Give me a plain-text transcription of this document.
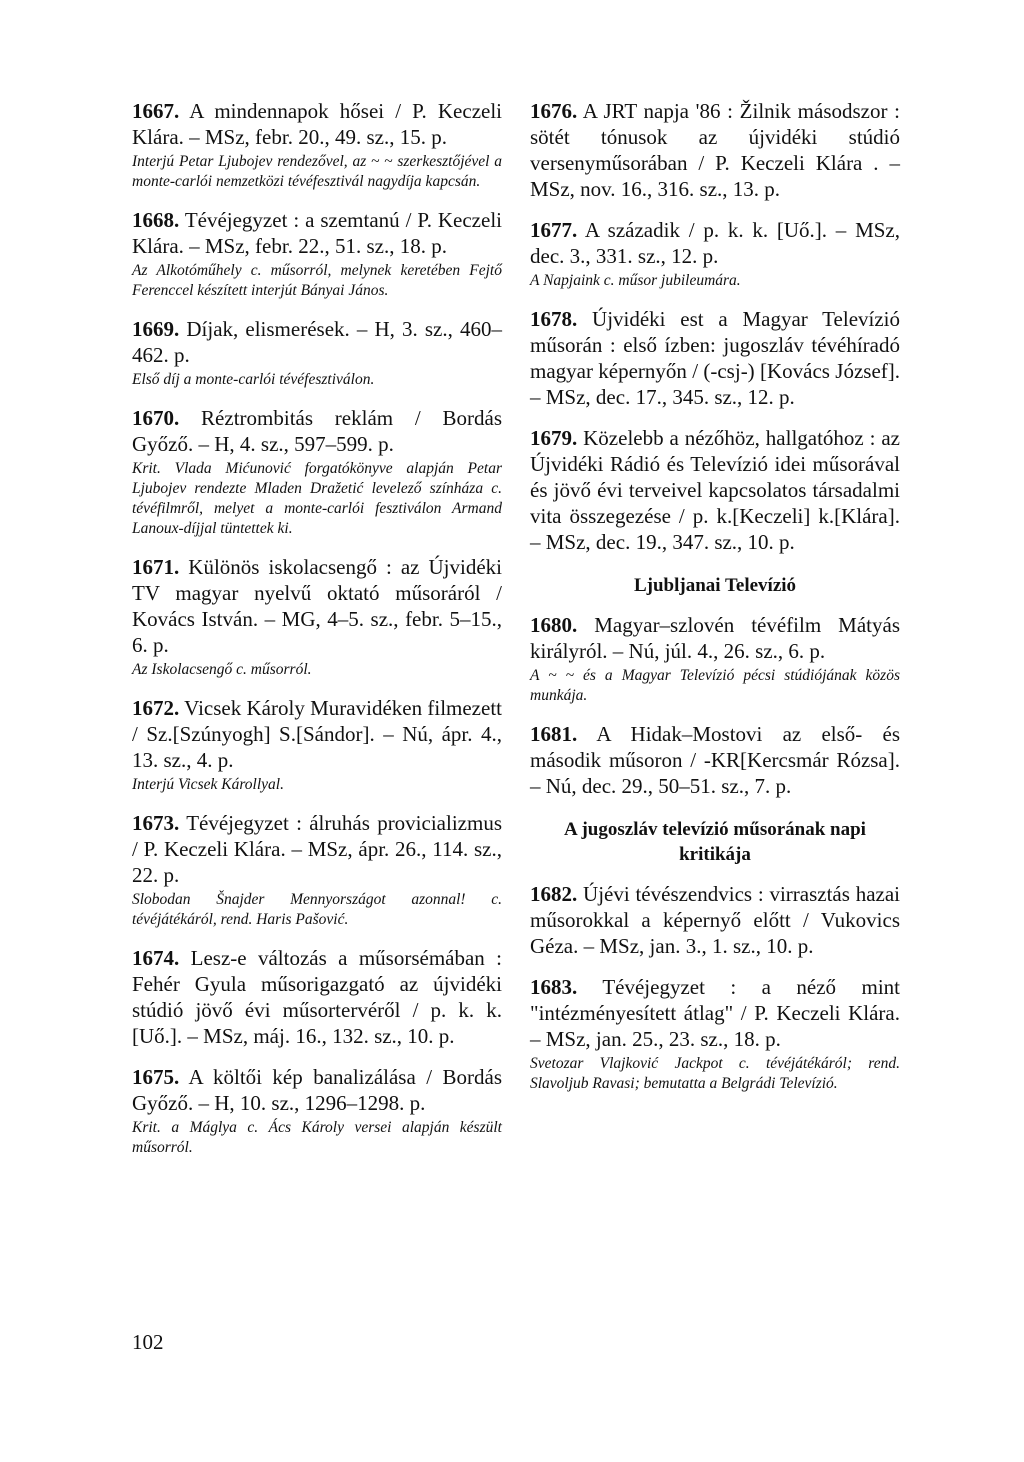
1667. A mindennapok hősei / P. Keczeli Klára. – MSz, febr. 20., 49. sz., 15. p.
Interjú Petar Ljubojev rendezővel, az ~ ~ szerkesztőjével a monte-carlói nemzetközi tévéfesztivál nagydíja kapcsán.
1668. Tévéjegyzet : a szemtanú / P. Keczeli Klára. – MSz, febr. 22., 51. sz., 18. p.
Az Alkotóműhely c. műsorról, melynek keretében Fejtő Ferenccel készített interjút Bányai János.
1669. Díjak, elismerések. – H, 3. sz., 460–462. p.
Első díj a monte-carlói tévéfesztiválon.
1670. Réztrombitás reklám / Bordás Győző. – H, 4. sz., 597–599. p.
Krit. Vlada Mićunović forgatókönyve alapján Petar Ljubojev rendezte Mladen Dražetić levelező színháza c. tévéfilmről, melyet a monte-carlói fesztiválon Armand Lanoux-díjjal tüntettek ki.
1671. Különös iskolacsengő : az Újvidéki TV magyar nyelvű oktató műsoráról / Kovács István. – MG, 4–5. sz., febr. 5–15., 6. p.
Az Iskolacsengő c. műsorról.
1672. Vicsek Károly Muravidéken filmezett / Sz.[Szúnyogh] S.[Sándor]. – Nú, ápr. 4., 13. sz., 4. p.
Interjú Vicsek Károllyal.
1673. Tévéjegyzet : álruhás provicializmus / P. Keczeli Klára. – MSz, ápr. 26., 114. sz., 22. p.
Slobodan Šnajder Mennyországot azonnal! c. tévéjátékáról, rend. Haris Pašović.
1674. Lesz-e változás a műsorsémában : Fehér Gyula műsorigazgató az újvidéki stúdió jövő évi műsortervéről / p. k. k. [Uő.]. – MSz, máj. 16., 132. sz., 10. p.
1675. A költői kép banalizálása / Bordás Győző. – H, 10. sz., 1296–1298. p.
Krit. a Máglya c. Ács Károly versei alapján készült műsorról.
1676. A JRT napja '86 : Žilnik másodszor : sötét tónusok az újvidéki stúdió versenyműsorában / P. Keczeli Klára . – MSz, nov. 16., 316. sz., 13. p.
1677. A századik / p. k. k. [Uő.]. – MSz, dec. 3., 331. sz., 12. p.
A Napjaink c. műsor jubileumára.
1678. Újvidéki est a Magyar Televízió műsorán : első ízben: jugoszláv tévéhíradó magyar képernyőn / (-csj-) [Kovács József]. – MSz, dec. 17., 345. sz., 12. p.
1679. Közelebb a nézőhöz, hallgatóhoz : az Újvidéki Rádió és Televízió idei műsorával és jövő évi terveivel kapcsolatos társadalmi vita összegezése / p. k.[Keczeli] k.[Klára]. – MSz, dec. 19., 347. sz., 10. p.
Ljubljanai Televízió
1680. Magyar–szlovén tévéfilm Mátyás királyról. – Nú, júl. 4., 26. sz., 6. p.
A ~ ~ és a Magyar Televízió pécsi stúdiójának közös munkája.
1681. A Hidak–Mostovi az első- és második műsoron / -KR[Kercsmár Rózsa]. – Nú, dec. 29., 50–51. sz., 7. p.
A jugoszláv televízió műsorának napi kritikája
1682. Újévi tévészendvics : virrasztás hazai műsorokkal a képernyő előtt / Vukovics Géza. – MSz, jan. 3., 1. sz., 10. p.
1683. Tévéjegyzet : a néző mint "intézményesített átlag" / P. Keczeli Klára. – MSz, jan. 25., 23. sz., 18. p.
Svetozar Vlajković Jackpot c. tévéjátékáról; rend. Slavoljub Ravasi; bemutatta a Belgrádi Televízió.
102
